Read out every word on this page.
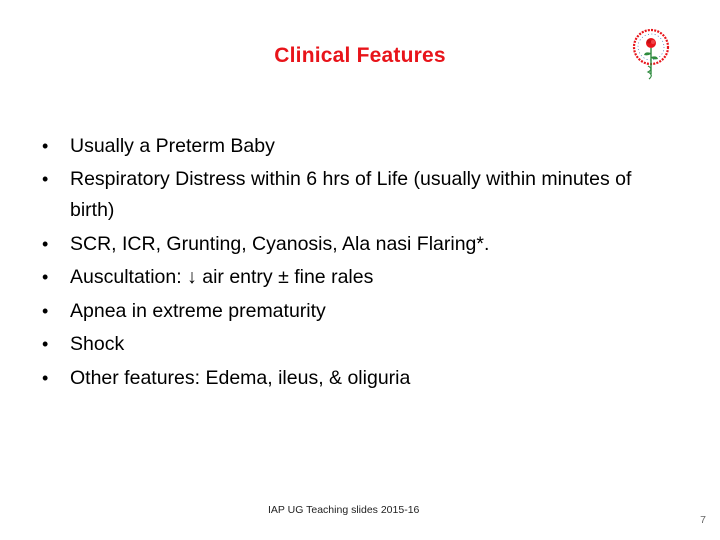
Clinical Features
• Usually a Preterm Baby
• Respiratory Distress within 6 hrs of Life (usually within minutes of birth)
• SCR, ICR, Grunting, Cyanosis, Ala nasi Flaring*.
• Auscultation: ↓ air entry ± fine rales
• Apnea in extreme prematurity
• Shock
• Other features: Edema, ileus, & oliguria
IAP UG Teaching slides 2015-16
7
